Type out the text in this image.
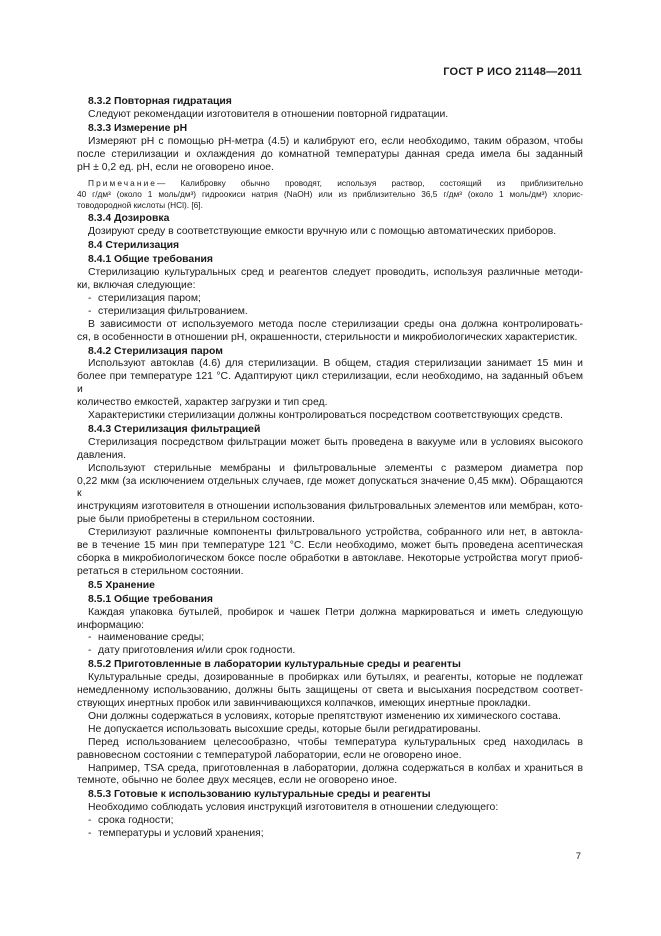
ГОСТ Р ИСО 21148—2011
8.3.2 Повторная гидратация
Следуют рекомендации изготовителя в отношении повторной гидратации.
8.3.3 Измерение pH
Измеряют pH с помощью pH-метра (4.5) и калибруют его, если необходимо, таким образом, чтобы
после стерилизации и охлаждения до комнатной температуры данная среда имела бы заданный
pH ± 0,2 ед. pH, если не оговорено иное.
Примечание— Калибровку обычно проводят, используя раствор, состоящий из приблизительно
40 г/дм³ (около 1 моль/дм³) гидроокиси натрия (NaOH) или из приблизительно 36,5 г/дм³ (около 1 моль/дм³) хлорис-
товодородной кислоты (HCl). [6].
8.3.4 Дозировка
Дозируют среду в соответствующие емкости вручную или с помощью автоматических приборов.
8.4 Стерилизация
8.4.1 Общие требования
Стерилизацию культуральных сред и реагентов следует проводить, используя различные методи-
ки, включая следующие:
- стерилизация паром;
- стерилизация фильтрованием.
В зависимости от используемого метода после стерилизации среды она должна контролировать-
ся, в особенности в отношении pH, окрашенности, стерильности и микробиологических характеристик.
8.4.2 Стерилизация паром
Используют автоклав (4.6) для стерилизации. В общем, стадия стерилизации занимает 15 мин и
более при температуре 121 °С. Адаптируют цикл стерилизации, если необходимо, на заданный объем и
количество емкостей, характер загрузки и тип сред.
Характеристики стерилизации должны контролироваться посредством соответствующих средств.
8.4.3 Стерилизация фильтрацией
Стерилизация посредством фильтрации может быть проведена в вакууме или в условиях высокого
давления.
Используют стерильные мембраны и фильтровальные элементы с размером диаметра пор
0,22 мкм (за исключением отдельных случаев, где может допускаться значение 0,45 мкм). Обращаются к
инструкциям изготовителя в отношении использования фильтровальных элементов или мембран, кото-
рые были приобретены в стерильном состоянии.
Стерилизуют различные компоненты фильтровального устройства, собранного или нет, в автокла-
ве в течение 15 мин при температуре 121 °С. Если необходимо, может быть проведена асептическая
сборка в микробиологическом боксе после обработки в автоклаве. Некоторые устройства могут приоб-
ретаться в стерильном состоянии.
8.5 Хранение
8.5.1 Общие требования
Каждая упаковка бутылей, пробирок и чашек Петри должна маркироваться и иметь следующую
информацию:
- наименование среды;
- дату приготовления и/или срок годности.
8.5.2 Приготовленные в лаборатории культуральные среды и реагенты
Культуральные среды, дозированные в пробирках или бутылях, и реагенты, которые не подлежат
немедленному использованию, должны быть защищены от света и высыхания посредством соответ-
ствующих инертных пробок или завинчивающихся колпачков, имеющих инертные прокладки.
Они должны содержаться в условиях, которые препятствуют изменению их химического состава.
Не допускается использовать высохшие среды, которые были регидратированы.
Перед использованием целесообразно, чтобы температура культуральных сред находилась в
равновесном состоянии с температурой лаборатории, если не оговорено иное.
Например, TSA среда, приготовленная в лаборатории, должна содержаться в колбах и храниться в
темноте, обычно не более двух месяцев, если не оговорено иное.
8.5.3 Готовые к использованию культуральные среды и реагенты
Необходимо соблюдать условия инструкций изготовителя в отношении следующего:
- срока годности;
- температуры и условий хранения;
7
